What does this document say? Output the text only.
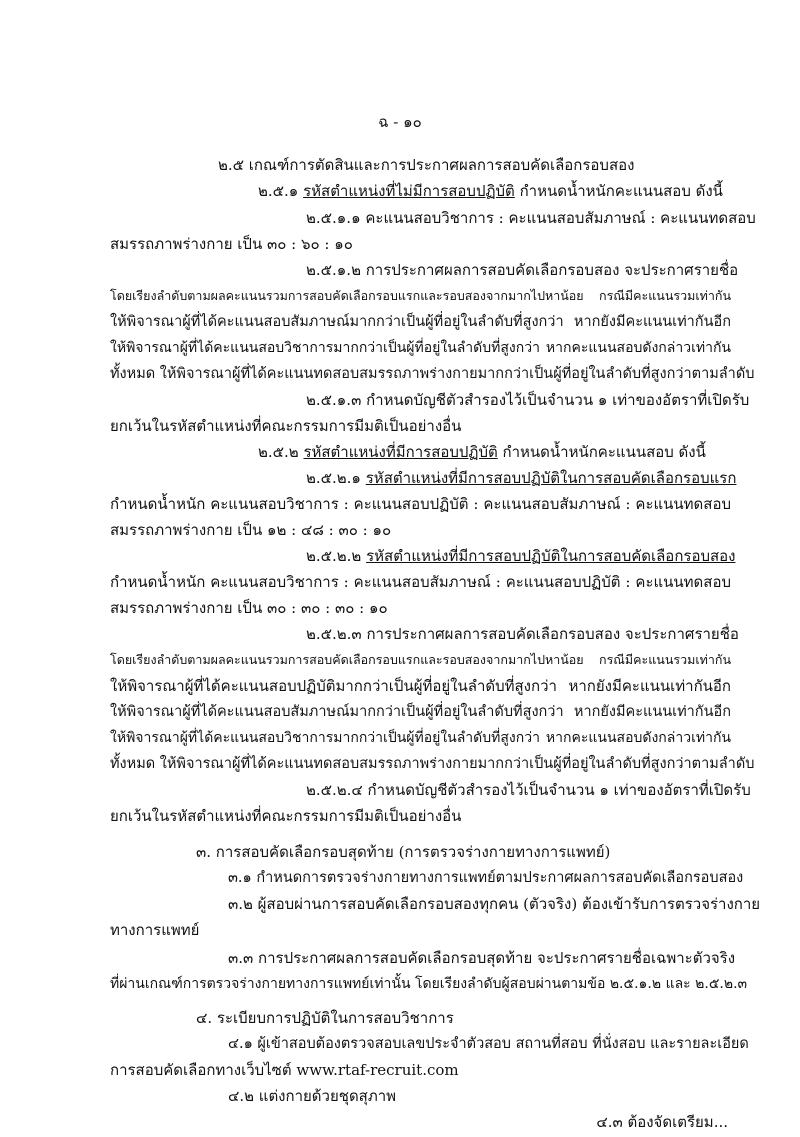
ฉ - ๑๐
๒.๕ เกณฑ์การตัดสินและการประกาศผลการสอบคัดเลือกรอบสอง
๒.๕.๑ รหัสตำแหน่งที่ไม่มีการสอบปฏิบัติ กำหนดน้ำหนักคะแนนสอบ ดังนี้
๒.๕.๑.๑ คะแนนสอบวิชาการ : คะแนนสอบสัมภาษณ์ : คะแนนทดสอบ
สมรรถภาพร่างกาย เป็น ๓๐ : ๖๐ : ๑๐
๒.๕.๑.๒ การประกาศผลการสอบคัดเลือกรอบสอง จะประกาศรายชื่อ
โดยเรียงลำดับตามผลคะแนนรวมการสอบคัดเลือกรอบแรกและรอบสองจากมากไปหาน้อย กรณีมีคะแนนรวมเท่ากัน
ให้พิจารณาผู้ที่ได้คะแนนสอบสัมภาษณ์มากกว่าเป็นผู้ที่อยู่ในลำดับที่สูงกว่า หากยังมีคะแนนเท่ากันอีก
ให้พิจารณาผู้ที่ได้คะแนนสอบวิชาการมากกว่าเป็นผู้ที่อยู่ในลำดับที่สูงกว่า หากคะแนนสอบดังกล่าวเท่ากัน
ทั้งหมด ให้พิจารณาผู้ที่ได้คะแนนทดสอบสมรรถภาพร่างกายมากกว่าเป็นผู้ที่อยู่ในลำดับที่สูงกว่าตามลำดับ
๒.๕.๑.๓ กำหนดบัญชีตัวสำรองไว้เป็นจำนวน ๑ เท่าของอัตราที่เปิดรับ
ยกเว้นในรหัสตำแหน่งที่คณะกรรมการมีมติเป็นอย่างอื่น
๒.๕.๒ รหัสตำแหน่งที่มีการสอบปฏิบัติ กำหนดน้ำหนักคะแนนสอบ ดังนี้
๒.๕.๒.๑ รหัสตำแหน่งที่มีการสอบปฏิบัติในการสอบคัดเลือกรอบแรก
กำหนดน้ำหนัก คะแนนสอบวิชาการ : คะแนนสอบปฏิบัติ : คะแนนสอบสัมภาษณ์ : คะแนนทดสอบ
สมรรถภาพร่างกาย เป็น ๑๒ : ๔๘ : ๓๐ : ๑๐
๒.๕.๒.๒ รหัสตำแหน่งที่มีการสอบปฏิบัติในการสอบคัดเลือกรอบสอง
กำหนดน้ำหนัก คะแนนสอบวิชาการ : คะแนนสอบสัมภาษณ์ : คะแนนสอบปฏิบัติ : คะแนนทดสอบ
สมรรถภาพร่างกาย เป็น ๓๐ : ๓๐ : ๓๐ : ๑๐
๒.๕.๒.๓ การประกาศผลการสอบคัดเลือกรอบสอง จะประกาศรายชื่อ
โดยเรียงลำดับตามผลคะแนนรวมการสอบคัดเลือกรอบแรกและรอบสองจากมากไปหาน้อย กรณีมีคะแนนรวมเท่ากัน
ให้พิจารณาผู้ที่ได้คะแนนสอบปฏิบัติมากกว่าเป็นผู้ที่อยู่ในลำดับที่สูงกว่า หากยังมีคะแนนเท่ากันอีก
ให้พิจารณาผู้ที่ได้คะแนนสอบสัมภาษณ์มากกว่าเป็นผู้ที่อยู่ในลำดับที่สูงกว่า หากยังมีคะแนนเท่ากันอีก
ให้พิจารณาผู้ที่ได้คะแนนสอบวิชาการมากกว่าเป็นผู้ที่อยู่ในลำดับที่สูงกว่า หากคะแนนสอบดังกล่าวเท่ากัน
ทั้งหมด ให้พิจารณาผู้ที่ได้คะแนนทดสอบสมรรถภาพร่างกายมากกว่าเป็นผู้ที่อยู่ในลำดับที่สูงกว่าตามลำดับ
๒.๕.๒.๔ กำหนดบัญชีตัวสำรองไว้เป็นจำนวน ๑ เท่าของอัตราที่เปิดรับ
ยกเว้นในรหัสตำแหน่งที่คณะกรรมการมีมติเป็นอย่างอื่น
๓. การสอบคัดเลือกรอบสุดท้าย (การตรวจร่างกายทางการแพทย์)
๓.๑ กำหนดการตรวจร่างกายทางการแพทย์ตามประกาศผลการสอบคัดเลือกรอบสอง
๓.๒ ผู้สอบผ่านการสอบคัดเลือกรอบสองทุกคน (ตัวจริง) ต้องเข้ารับการตรวจร่างกาย
ทางการแพทย์
๓.๓ การประกาศผลการสอบคัดเลือกรอบสุดท้าย จะประกาศรายชื่อเฉพาะตัวจริง
ที่ผ่านเกณฑ์การตรวจร่างกายทางการแพทย์เท่านั้น โดยเรียงลำดับผู้สอบผ่านตามข้อ ๒.๕.๑.๒ และ ๒.๕.๒.๓
๔. ระเบียบการปฏิบัติในการสอบวิชาการ
๔.๑ ผู้เข้าสอบต้องตรวจสอบเลขประจำตัวสอบ สถานที่สอบ ที่นั่งสอบ และรายละเอียด
การสอบคัดเลือกทางเว็บไซต์ www.rtaf-recruit.com
๔.๒ แต่งกายด้วยชุดสุภาพ
๔.๓ ต้องจัดเตรียม...
